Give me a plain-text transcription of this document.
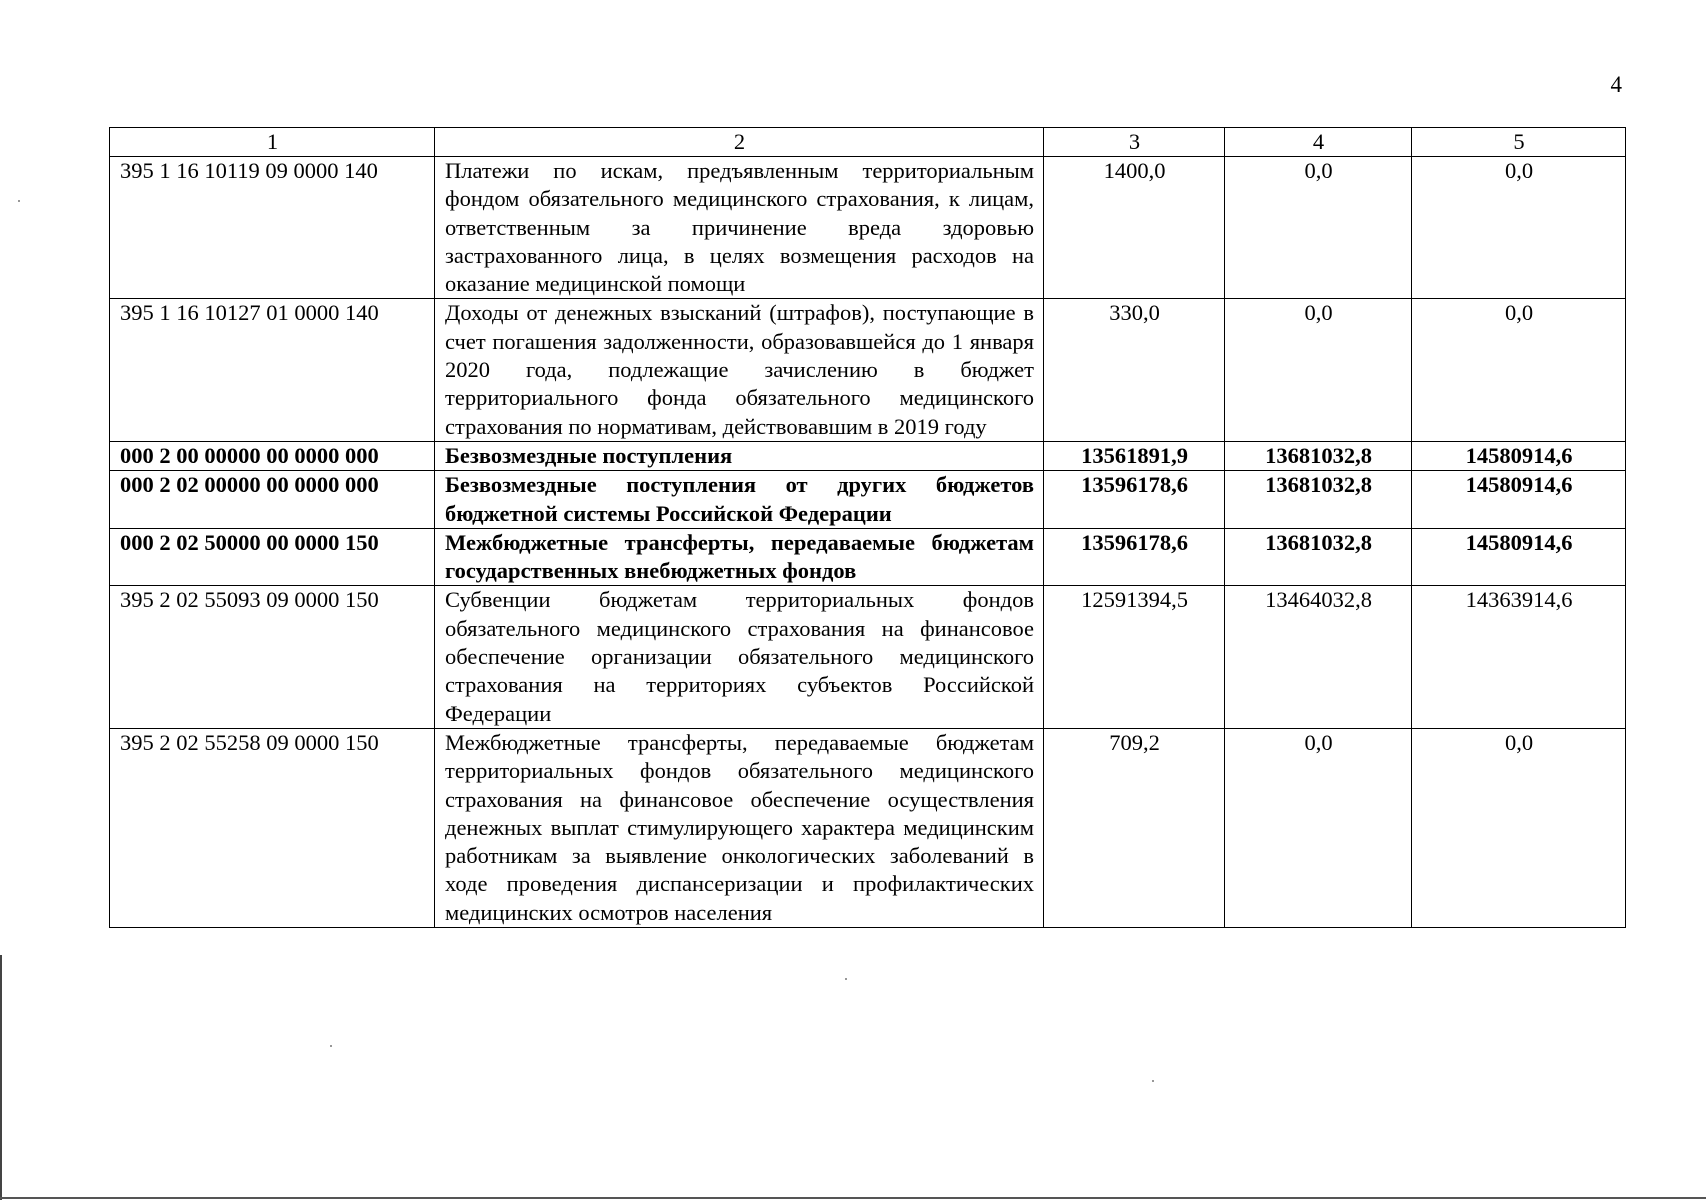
4
1	2	3	4	5
395 1 16 10119 09 0000 140	Платежи по искам, предъявленным территориальным фондом обязательного медицинского страхования, к лицам, ответственным за причинение вреда здоровью застрахованного лица, в целях возмещения расходов на оказание медицинской помощи	1400,0	0,0	0,0
395 1 16 10127 01 0000 140	Доходы от денежных взысканий (штрафов), поступающие в счет погашения задолженности, образовавшейся до 1 января 2020 года, подлежащие зачислению в бюджет территориального фонда обязательного медицинского страхования по нормативам, действовавшим в 2019 году	330,0	0,0	0,0
000 2 00 00000 00 0000 000	Безвозмездные поступления	13561891,9	13681032,8	14580914,6
000 2 02 00000 00 0000 000	Безвозмездные поступления от других бюджетов бюджетной системы Российской Федерации	13596178,6	13681032,8	14580914,6
000 2 02 50000 00 0000 150	Межбюджетные трансферты, передаваемые бюджетам государственных внебюджетных фондов	13596178,6	13681032,8	14580914,6
395 2 02 55093 09 0000 150	Субвенции бюджетам территориальных фондов обязательного медицинского страхования на финансовое обеспечение организации обязательного медицинского страхования на территориях субъектов Российской Федерации	12591394,5	13464032,8	14363914,6
395 2 02 55258 09 0000 150	Межбюджетные трансферты, передаваемые бюджетам территориальных фондов обязательного медицинского страхования на финансовое обеспечение осуществления денежных выплат стимулирующего характера медицинским работникам за выявление онкологических заболеваний в ходе проведения диспансеризации и профилактических медицинских осмотров населения	709,2	0,0	0,0
